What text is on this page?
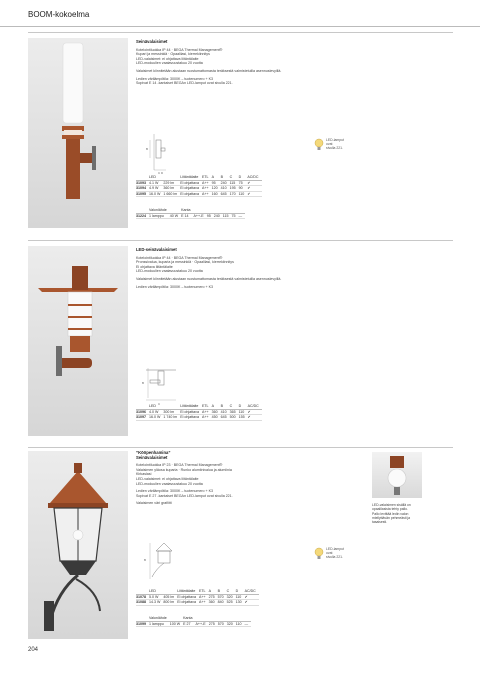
BOOM-kokoelma
Seinävalaisimet
Kotelointiluokka IP 44 · BEGA Thermal Management®
Kupari ja messinkiä · Opaalilasi, kierrekiinnitys
LED-valaisimet: ei ohjattava liitäntälaite
LED-moduulien vaatavuustakuu 20 vuotta
Valaisimet kiinnitetään alustaan ruostumattomasta teräksestä valmistetuilla asennuslevyillä.
Ledien värilämpötila: 3000K – tuotenumero + K3
Sopivat E 14 -kantaiset BEGAn LED-lamput ovat sivulla 221.
B
C D
LED-lamput
ovat
sivulla 221.
	LED		Liitäntälaite	ETL	A	B	C	D	AC/DC
31093	4.1 W	229 lm	Ei ohjattava	A++	95	240	115	75	✔
31094	4.9 W	360 lm	Ei ohjattava	A++	120	410	195	90	✔
31095	16.0 W	1 660 lm	Ei ohjattava	A++	160	645	170	110	✔
	Valonlähde		Kanta						
31224	1 lamppu	40 W	E 14	A++-E	95	240	115	75	—
LED-seinävalaisimet
Kotelointiluokka IP 44 · BEGA Thermal Management®
Pronssivalua, kuparia ja messinkiä · Opaalilasi, kierrekiinnitys
Ei ohjattava liitäntälaite
LED-moduulien vaatavuustakuu 20 vuotta
Valaisimet kiinnitetään alustaan ruostumattomasta teräksestä valmistetuilla asennuslevyillä.
Ledien värilämpötila: 3000K – tuotenumero + K3
B
C
	LED		Liitäntälaite	ETL	A	B	C	D	AC/DC
31096	4.0 W	300 lm	Ei ohjattava	A++	360	410	365	110	✔
31097	16.0 W	1 740 lm	Ei ohjattava	A++	450	645	500	155	✔
”Kööpenhamina”
Seinävalaisimet
Kotelointiluokka IP 23 · BEGA Thermal Management®
Valaisimen yläosa kuparia · Runko alumiinivalua ja alumiinia
Kirkaslasi
LED-valaisimet: ei ohjattava liitäntälaite
LED-moduulien vaatavuustakuu 20 vuotta
Ledien värilämpötila: 3000K – tuotenumero + K3
Sopivat E 27 -kantaiset BEGAn LED-lamput ovat sivulla 221.
Valaisimen väri grafiitti
B
LED-lamput
ovat
sivulla 221.
	LED		Liitäntälaite	ETL	A	B	C	D	AC/DC
31078	5.0 W	405 lm	Ei ohjattava	A++	275	570	320	110	✔
31088	14.3 W	800 lm	Ei ohjattava	A++	360	840	525	130	✔
	Valonlähde		Kanta						
31099	1 lamppu	100 W	E 27	A++-E	275	570	320	110	—
LED-valaisimen sisällä on
opaalilasista tehty pallo.
Pallo levittää ledin valon
miellyttävän pehmeästi ja
tasaisesti.
204
